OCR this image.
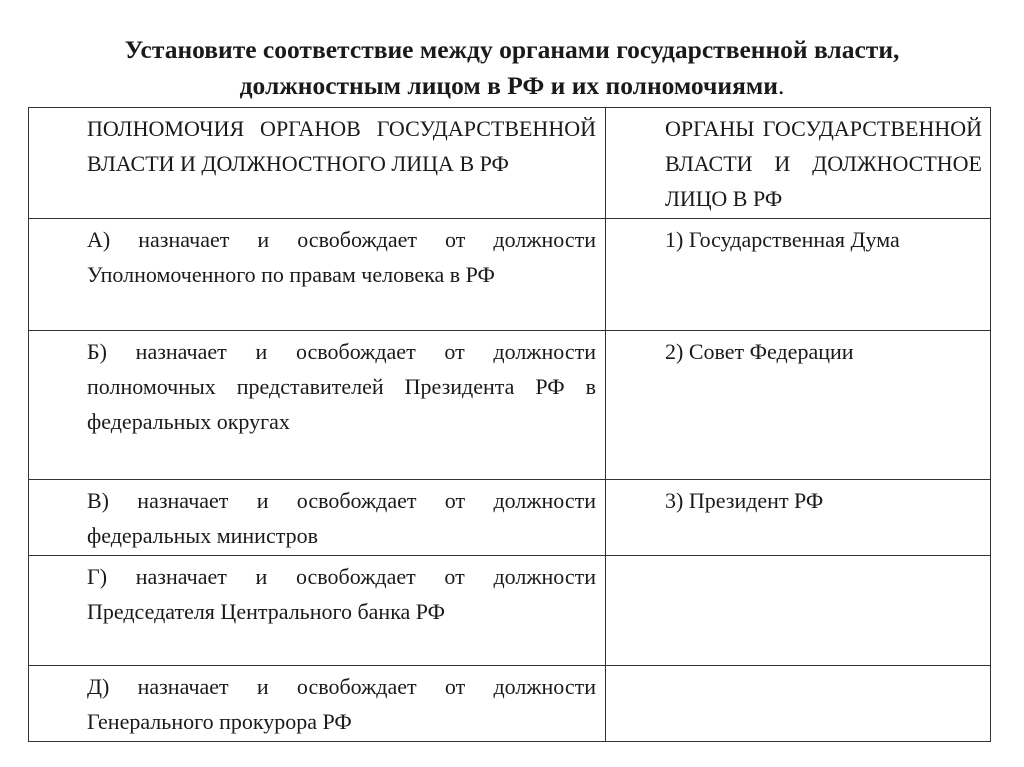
Установите соответствие между органами государственной власти,
должностным лицом в РФ и их полномочиями.
ПОЛНОМОЧИЯ ОРГАНОВ ГОСУДАРСТВЕННОЙ ВЛАСТИ И ДОЛЖНОСТНОГО ЛИЦА В РФ	ОРГАНЫ ГОСУДАРСТВЕННОЙ ВЛАСТИ И ДОЛЖНОСТНОЕ ЛИЦО В РФ
А) назначает и освобождает от должности Уполномоченного по правам человека в РФ	1) Государственная Дума
Б) назначает и освобождает от должности полномочных представителей Президента РФ в федеральных округах	2) Совет Федерации
В) назначает и освобождает от должности федеральных министров	3) Президент РФ
Г) назначает и освобождает от должности Председателя Центрального банка РФ	
Д) назначает и освобождает от должности Генерального прокурора РФ	
